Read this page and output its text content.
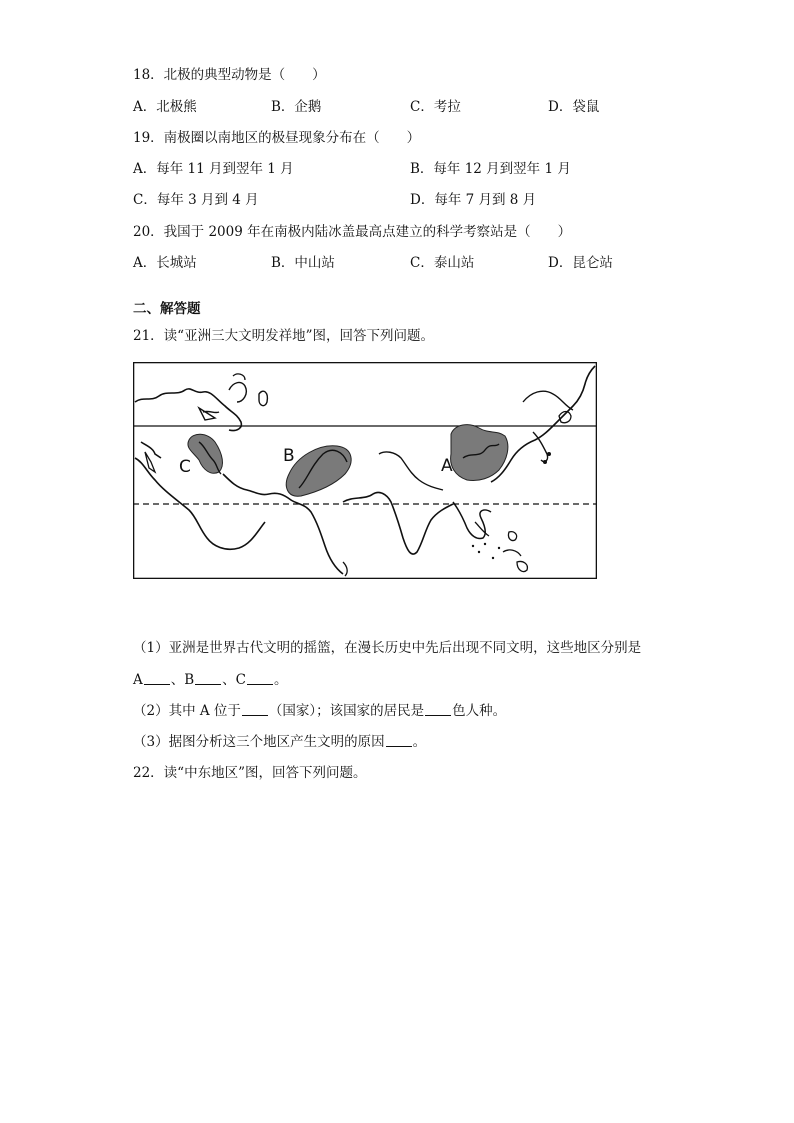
18．北极的典型动物是（　　）
A．北极熊	B．企鹅	C．考拉	D．袋鼠
19．南极圈以南地区的极昼现象分布在（　　）
A．每年 11 月到翌年 1 月	B．每年 12 月到翌年 1 月
C．每年 3 月到 4 月	D．每年 7 月到 8 月
20．我国于 2009 年在南极内陆冰盖最高点建立的科学考察站是（　　）
A．长城站	B．中山站	C．泰山站	D．昆仑站
二、解答题
21．读“亚洲三大文明发祥地”图，回答下列问题。
C
B	A
（1）亚洲是世界古代文明的摇篮，在漫长历史中先后出现不同文明，这些地区分别是
A 、B 、C 。
（2）其中 A 位于 （国家）；该国家的居民是 色人种。
（3）据图分析这三个地区产生文明的原因 。
22．读“中东地区”图，回答下列问题。
